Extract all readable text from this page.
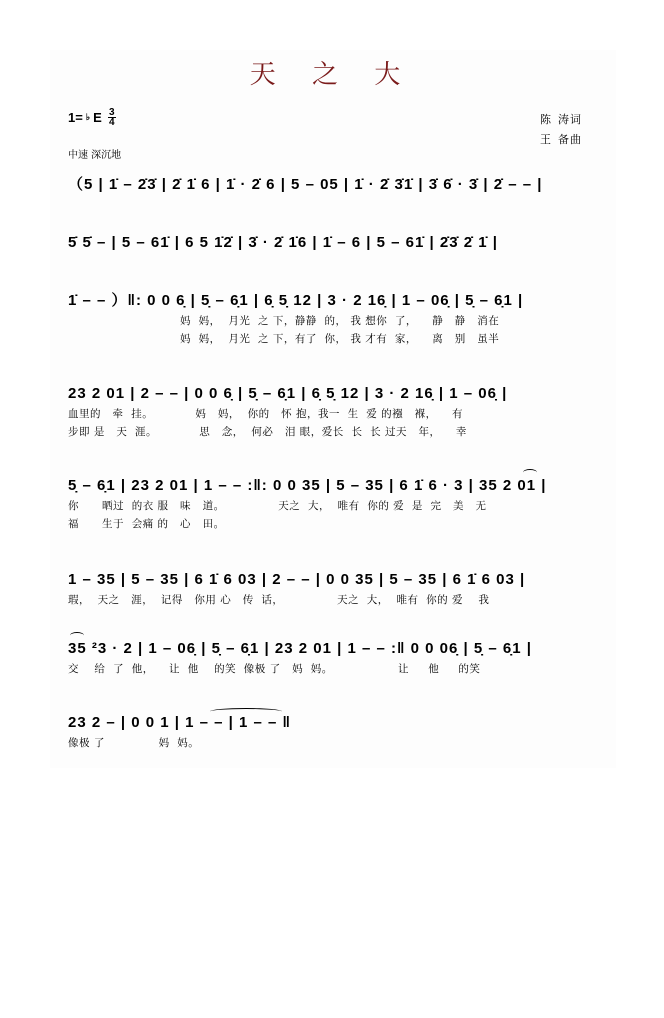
天 之 大
1= ♭ E $\frac{3}{4}$	陈 涛词
王 备曲
中速 深沉地
（5 | 1̇ – 2̇3̇ | 2̇ 1̇ 6 | 1̇ · 2̇ 6 | 5 – 05 | 1̇ · 2̇ 3̇1̇ | 3̇ 6̇ · 3̇ | 2̇ – – |
5̇ 5̇ – | 5 – 61̇ | 6 5 1̇2̇ | 3̇ · 2̇ 1̇6 | 1̇ – 6 | 5 – 61̇ | 2̇3̇ 2̇ 1̇ |
1̇ – – ）‖: 0 0 6̣ | 5̣ – 6̣1 | 6̣ 5̣ 12 | 3 · 2 16̣ | 1 – 06̣ | 5̣ – 6̣1 |
妈  妈，  月光  之 下，静静  的， 我 想你  了，    静   静   消在
妈  妈，  月光  之 下，有了  你， 我 才有  家，    离   别   虽半
23 2 01 | 2 – – | 0 0 6̣ | 5̣ – 6̣1 | 6̣ 5̣ 12 | 3 · 2 16̣ | 1 – 06̣ |
血里的   牵  挂。           妈   妈，  你的   怀 抱，我一  生  爱 的襁   褓，    有
步即 是   天  涯。           思   念，  何必   泪 眼，爱长  长  长 过天   年，    幸
5̣ – 6̣1 | 23 2 01 | 1 – – :‖: 0 0 35 | 5 – 35 | 6 1̇ 6 · 3 | 35 2 01 |
你      晒过  的衣 服   味   道。              天之  大，  唯有  你的 爱  是  完   美   无
福      生于  会痛 的   心   田。
1 – 35 | 5 – 35 | 6 1̇ 6 03 | 2 – – | 0 0 35 | 5 – 35 | 6 1̇ 6 03 |
瑕，  天之   涯，  记得   你用 心   传  话，              天之  大，  唯有  你的 爱    我
35 ²3 · 2 | 1 – 06̣ | 5̣ – 6̣1 | 23 2 01 | 1 – – :‖ 0 0 06̣ | 5̣ – 6̣1 |
交    给  了  他，    让  他    的笑  像极 了   妈  妈。                 让     他     的笑
23 2 – | 0 0 1 | 1 – – | 1 – – ‖
像极 了              妈  妈。
